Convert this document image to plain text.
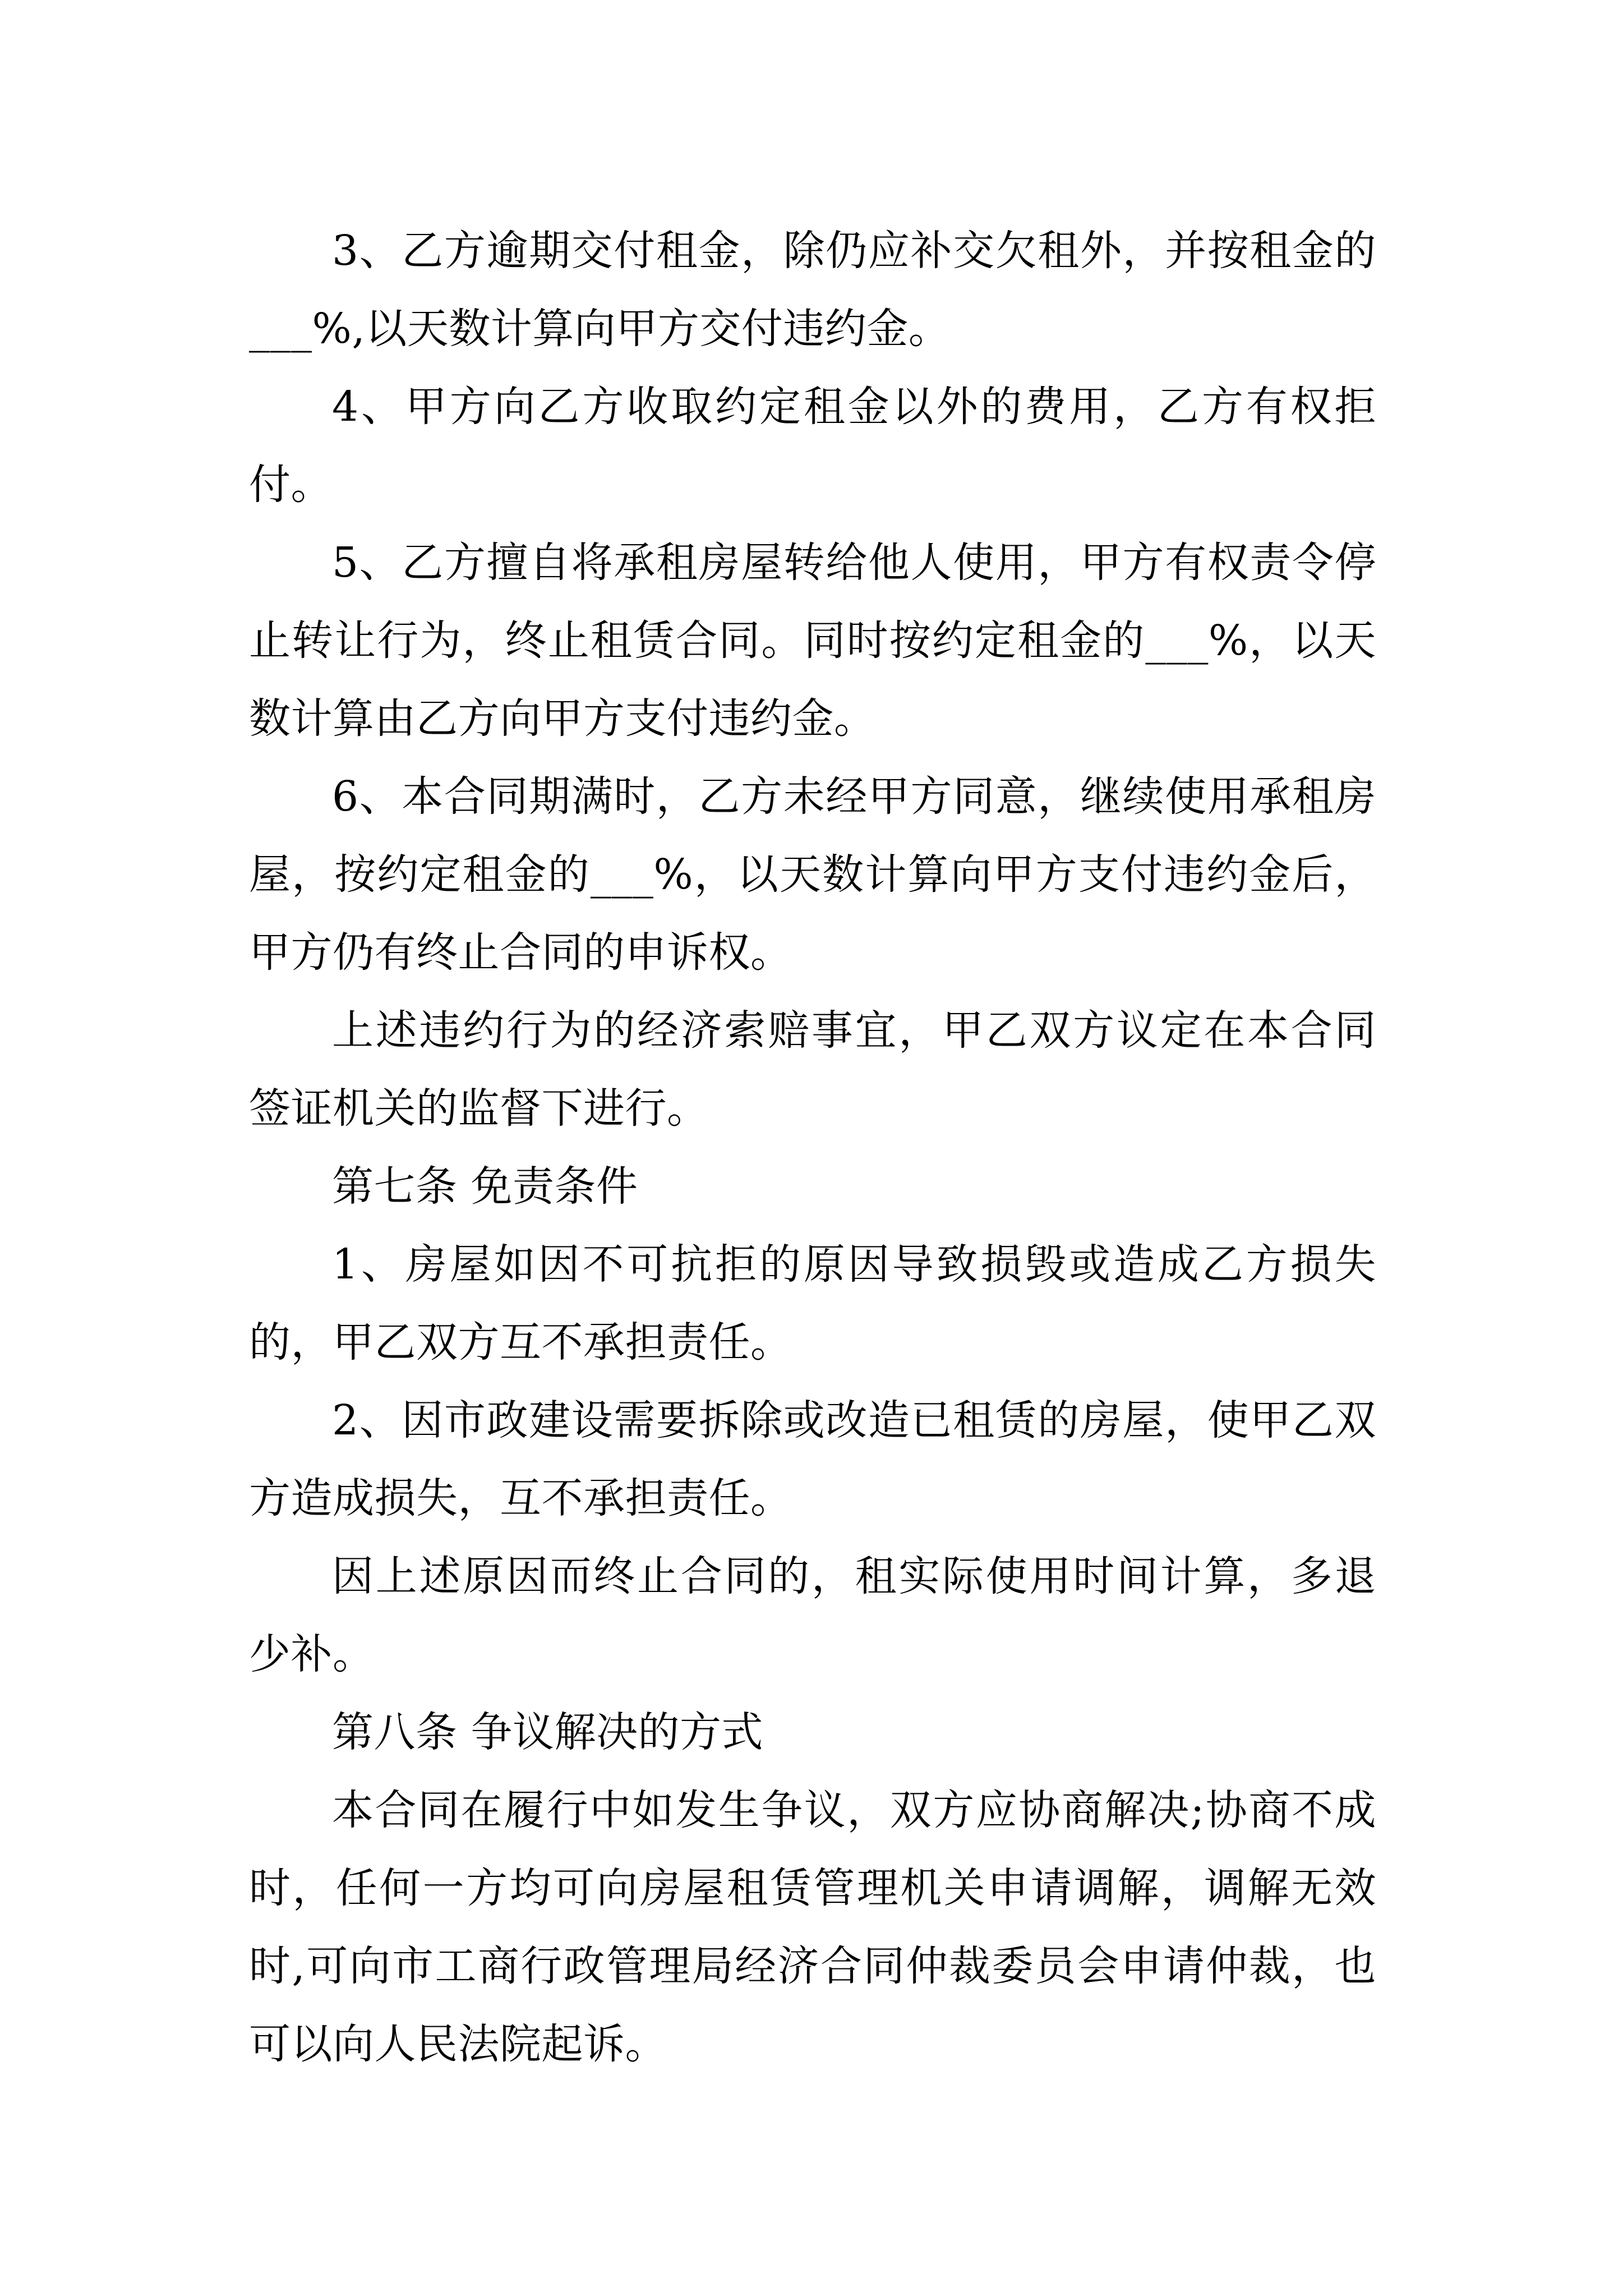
3、乙方逾期交付租金，除仍应补交欠租外，并按租金的___%,以天数计算向甲方交付违约金。

4、甲方向乙方收取约定租金以外的费用，乙方有权拒付。

5、乙方擅自将承租房屋转给他人使用，甲方有权责令停止转让行为，终止租赁合同。同时按约定租金的___%，以天数计算由乙方向甲方支付违约金。

6、本合同期满时，乙方未经甲方同意，继续使用承租房屋，按约定租金的___%，以天数计算向甲方支付违约金后，甲方仍有终止合同的申诉权。

上述违约行为的经济索赔事宜，甲乙双方议定在本合同签证机关的监督下进行。

第七条 免责条件

1、房屋如因不可抗拒的原因导致损毁或造成乙方损失的，甲乙双方互不承担责任。

2、因市政建设需要拆除或改造已租赁的房屋，使甲乙双方造成损失，互不承担责任。

因上述原因而终止合同的，租实际使用时间计算，多退少补。

第八条 争议解决的方式

本合同在履行中如发生争议，双方应协商解决;协商不成时，任何一方均可向房屋租赁管理机关申请调解，调解无效时,可向市工商行政管理局经济合同仲裁委员会申请仲裁，也可以向人民法院起诉。
